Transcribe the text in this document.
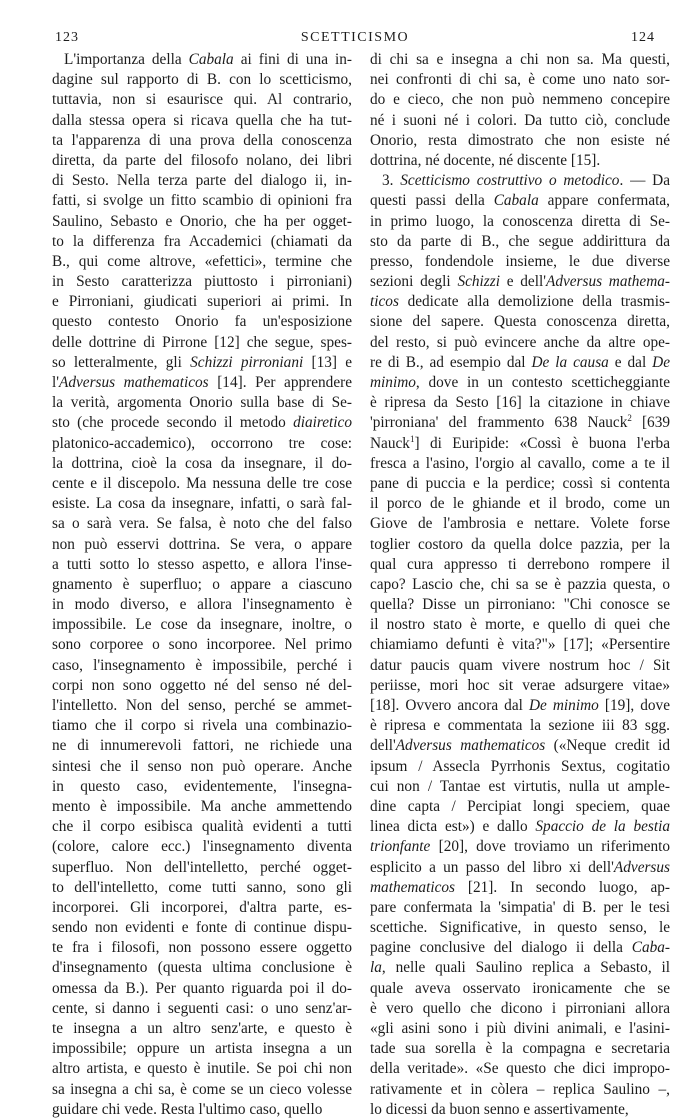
123	SCETTICISMO	124
L'importanza della Cabala ai fini di una in-
dagine sul rapporto di B. con lo scetticismo,
tuttavia, non si esaurisce qui. Al contrario,
dalla stessa opera si ricava quella che ha tut-
ta l'apparenza di una prova della conoscenza
diretta, da parte del filosofo nolano, dei libri
di Sesto. Nella terza parte del dialogo ii, in-
fatti, si svolge un fitto scambio di opinioni fra
Saulino, Sebasto e Onorio, che ha per ogget-
to la differenza fra Accademici (chiamati da
B., qui come altrove, «efettici», termine che
in Sesto caratterizza piuttosto i pirroniani)
e Pirroniani, giudicati superiori ai primi. In
questo contesto Onorio fa un'esposizione
delle dottrine di Pirrone [12] che segue, spes-
so letteralmente, gli Schizzi pirroniani [13] e
l'Adversus mathematicos [14]. Per apprendere
la verità, argomenta Onorio sulla base di Se-
sto (che procede secondo il metodo diairetico
platonico-accademico), occorrono tre cose:
la dottrina, cioè la cosa da insegnare, il do-
cente e il discepolo. Ma nessuna delle tre cose
esiste. La cosa da insegnare, infatti, o sarà fal-
sa o sarà vera. Se falsa, è noto che del falso
non può esservi dottrina. Se vera, o appare
a tutti sotto lo stesso aspetto, e allora l'inse-
gnamento è superfluo; o appare a ciascuno
in modo diverso, e allora l'insegnamento è
impossibile. Le cose da insegnare, inoltre, o
sono corporee o sono incorporee. Nel primo
caso, l'insegnamento è impossibile, perché i
corpi non sono oggetto né del senso né del-
l'intelletto. Non del senso, perché se ammet-
tiamo che il corpo si rivela una combinazio-
ne di innumerevoli fattori, ne richiede una
sintesi che il senso non può operare. Anche
in questo caso, evidentemente, l'insegna-
mento è impossibile. Ma anche ammettendo
che il corpo esibisca qualità evidenti a tutti
(colore, calore ecc.) l'insegnamento diventa
superfluo. Non dell'intelletto, perché ogget-
to dell'intelletto, come tutti sanno, sono gli
incorporei. Gli incorporei, d'altra parte, es-
sendo non evidenti e fonte di continue dispu-
te fra i filosofi, non possono essere oggetto
d'insegnamento (questa ultima conclusione è
omessa da B.). Per quanto riguarda poi il do-
cente, si danno i seguenti casi: o uno senz'ar-
te insegna a un altro senz'arte, e questo è
impossibile; oppure un artista insegna a un
altro artista, e questo è inutile. Se poi chi non
sa insegna a chi sa, è come se un cieco volesse
guidare chi vede. Resta l'ultimo caso, quello
di chi sa e insegna a chi non sa. Ma questi,
nei confronti di chi sa, è come uno nato sor-
do e cieco, che non può nemmeno concepire
né i suoni né i colori. Da tutto ciò, conclude
Onorio, resta dimostrato che non esiste né
dottrina, né docente, né discente [15].
3. Scetticismo costruttivo o metodico. — Da
questi passi della Cabala appare confermata,
in primo luogo, la conoscenza diretta di Se-
sto da parte di B., che segue addirittura da
presso, fondendole insieme, le due diverse
sezioni degli Schizzi e dell'Adversus mathema-
ticos dedicate alla demolizione della trasmis-
sione del sapere. Questa conoscenza diretta,
del resto, si può evincere anche da altre ope-
re di B., ad esempio dal De la causa e dal De
minimo, dove in un contesto scetticheggiante
è ripresa da Sesto [16] la citazione in chiave
'pirroniana' del frammento 638 Nauck$^2$ [639
Nauck$^1$] di Euripide: «Cossì è buona l'erba
fresca a l'asino, l'orgio al cavallo, come a te il
pane di puccia e la perdice; cossì si contenta
il porco de le ghiande et il brodo, come un
Giove de l'ambrosia e nettare. Volete forse
toglier costoro da quella dolce pazzia, per la
qual cura appresso ti derrebono rompere il
capo? Lascio che, chi sa se è pazzia questa, o
quella? Disse un pirroniano: "Chi conosce se
il nostro stato è morte, e quello di quei che
chiamiamo defunti è vita?"» [17]; «Persentire
datur paucis quam vivere nostrum hoc / Sit
periisse, mori hoc sit verae adsurgere vitae»
[18]. Ovvero ancora dal De minimo [19], dove
è ripresa e commentata la sezione iii 83 sgg.
dell'Adversus mathematicos («Neque credit id
ipsum / Assecla Pyrrhonis Sextus, cogitatio
cui non / Tantae est virtutis, nulla ut ample-
dine capta / Percipiat longi speciem, quae
linea dicta est») e dallo Spaccio de la bestia
trionfante [20], dove troviamo un riferimento
esplicito a un passo del libro xi dell'Adversus
mathematicos [21]. In secondo luogo, ap-
pare confermata la 'simpatia' di B. per le tesi
scettiche. Significative, in questo senso, le
pagine conclusive del dialogo ii della Caba-
la, nelle quali Saulino replica a Sebasto, il
quale aveva osservato ironicamente che se
è vero quello che dicono i pirroniani allora
«gli asini sono i più divini animali, e l'asini-
tade sua sorella è la compagna e secretaria
della veritade». «Se questo che dici impropo-
rativamente et in còlera – replica Saulino –,
lo dicessi da buon senno e assertivamente,
